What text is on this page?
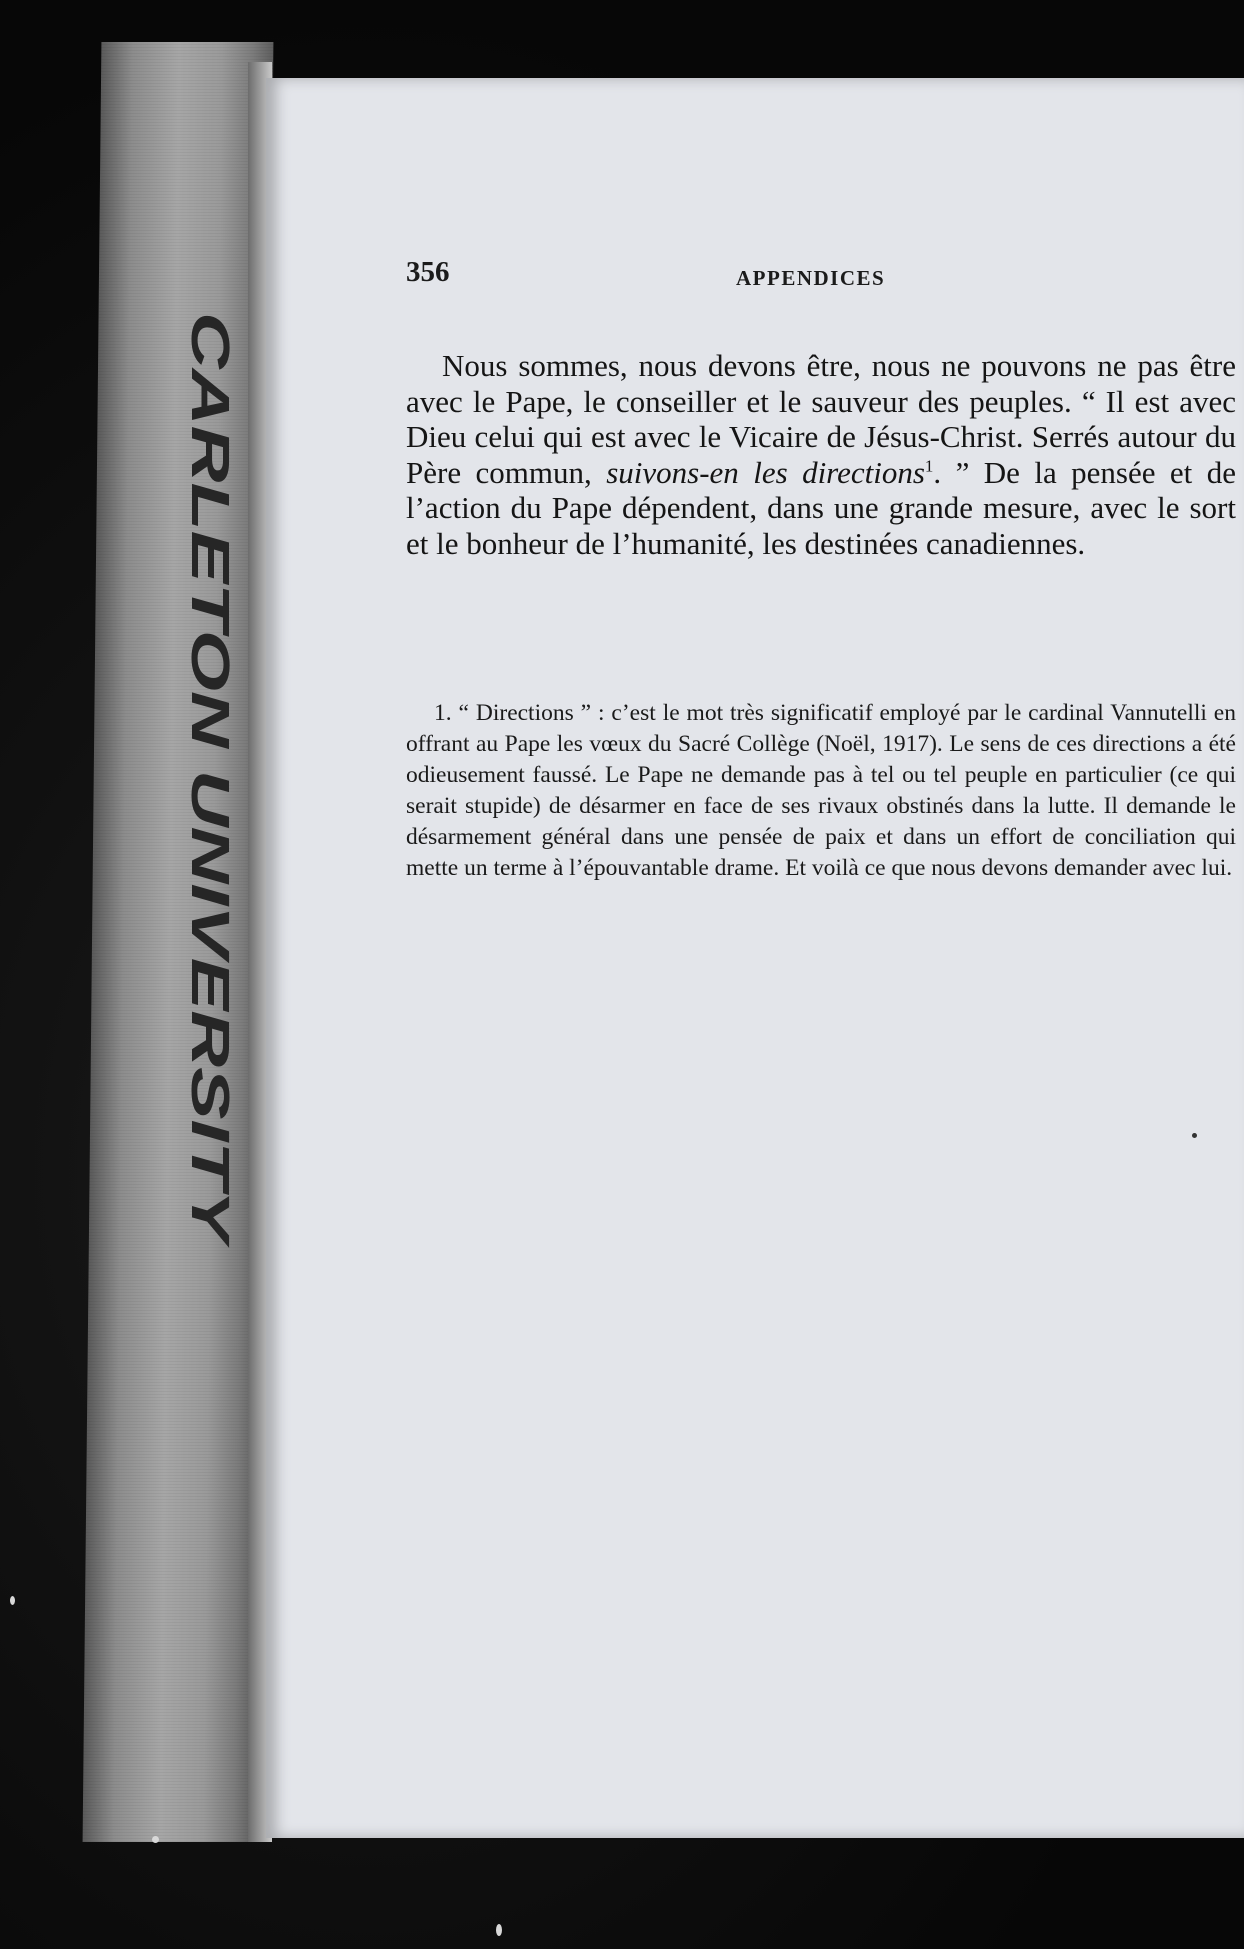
CARLETON UNIVERSITY
356	APPENDICES

Nous sommes, nous devons être, nous ne pouvons ne pas être avec le Pape, le conseiller et le sauveur des peuples. “ Il est avec Dieu celui qui est avec le Vicaire de Jésus-Christ. Serrés autour du Père commun, suivons-en les directions$^1$. ” De la pensée et de l’action du Pape dépendent, dans une grande mesure, avec le sort et le bonheur de l’humanité, les destinées canadiennes.

1. “ Directions ” : c’est le mot très significatif employé par le cardinal Vannutelli en offrant au Pape les vœux du Sacré Collège (Noël, 1917). Le sens de ces directions a été odieusement faussé. Le Pape ne demande pas à tel ou tel peuple en particulier (ce qui serait stupide) de désarmer en face de ses rivaux obstinés dans la lutte. Il demande le désarmement général dans une pensée de paix et dans un effort de conciliation qui mette un terme à l’épouvantable drame. Et voilà ce que nous devons demander avec lui.
